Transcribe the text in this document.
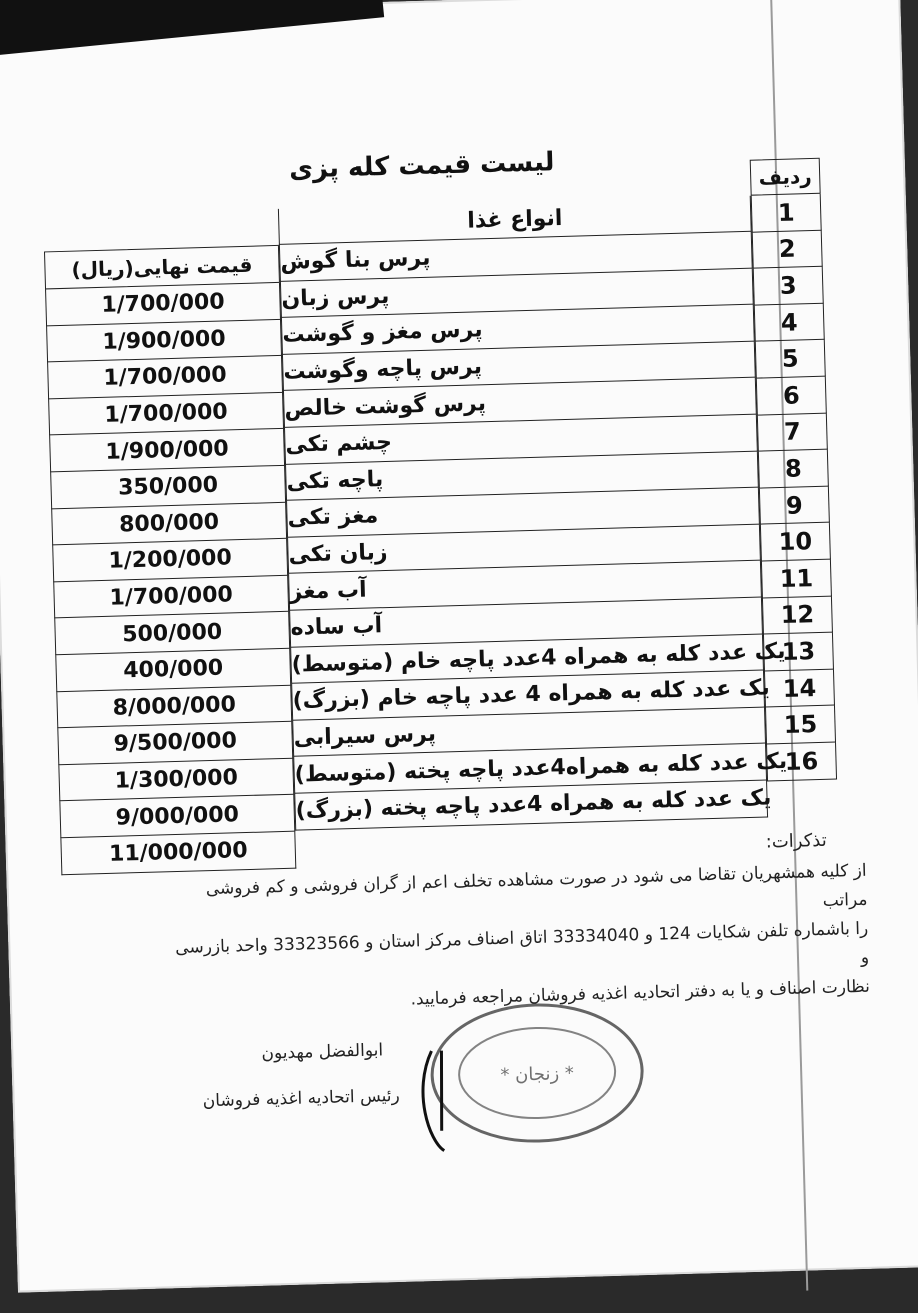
لیست قیمت کله پزی	ردیف
انواع غذا
قیمت نهایی(ریال)
1
2
3
4
5
6
7
8
9
10
11
12
13
14
15
16
پرس بنا گوش
پرس زبان
پرس مغز و گوشت
پرس پاچه وگوشت
پرس گوشت خالص
چشم تکی
پاچه تکی
مغز تکی
زبان تکی
آب مغز
آب ساده
یک عدد کله به همراه 4عدد پاچه خام (متوسط)
یک عدد کله به همراه 4 عدد پاچه خام (بزرگ)
پرس سیرابی
یک عدد کله به همراه4عدد پاچه پخته (متوسط)
یک عدد کله به همراه 4عدد پاچه پخته (بزرگ)
1/700/000
1/900/000
1/700/000
1/700/000
1/900/000
350/000
800/000
1/200/000
1/700/000
500/000
400/000
8/000/000
9/500/000
1/300/000
9/000/000
11/000/000	تذکرات:
از کلیه همشهریان تقاضا می شود در صورت مشاهده تخلف اعم از گران فروشی و کم فروشی مراتب
را باشماره تلفن شکایات 124 و 33334040 اتاق اصناف مرکز استان و 33323566 واحد بازرسی و
نظارت اصناف و یا به دفتر اتحادیه اغذیه فروشان مراجعه فرمایید.
* زنجان *
ابوالفضل مهدیون
رئیس اتحادیه اغذیه فروشان
